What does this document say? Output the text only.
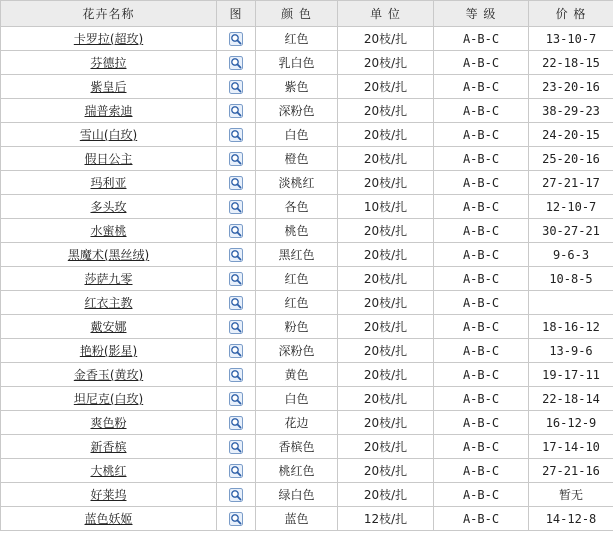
花卉名称	图	颜 色	单 位	等 级	价 格
卡罗拉(超玫)		红色	20枝/扎	A-B-C	13-10-7
芬德拉		乳白色	20枝/扎	A-B-C	22-18-15
紫皇后		紫色	20枝/扎	A-B-C	23-20-16
瑞普索迪		深粉色	20枝/扎	A-B-C	38-29-23
雪山(白玫)		白色	20枝/扎	A-B-C	24-20-15
假日公主		橙色	20枝/扎	A-B-C	25-20-16
玛利亚		淡桃红	20枝/扎	A-B-C	27-21-17
多头玫		各色	10枝/扎	A-B-C	12-10-7
水蜜桃		桃色	20枝/扎	A-B-C	30-27-21
黑魔术(黑丝绒)		黑红色	20枝/扎	A-B-C	9-6-3
莎萨九零		红色	20枝/扎	A-B-C	10-8-5
红衣主教		红色	20枝/扎	A-B-C	
戴安娜		粉色	20枝/扎	A-B-C	18-16-12
艳粉(影星)		深粉色	20枝/扎	A-B-C	13-9-6
金香玉(黄玫)		黄色	20枝/扎	A-B-C	19-17-11
坦尼克(白玫)		白色	20枝/扎	A-B-C	22-18-14
爽色粉		花边	20枝/扎	A-B-C	16-12-9
新香槟		香槟色	20枝/扎	A-B-C	17-14-10
大桃红		桃红色	20枝/扎	A-B-C	27-21-16
好莱坞		绿白色	20枝/扎	A-B-C	暂无
蓝色妖姬		蓝色	12枝/扎	A-B-C	14-12-8
